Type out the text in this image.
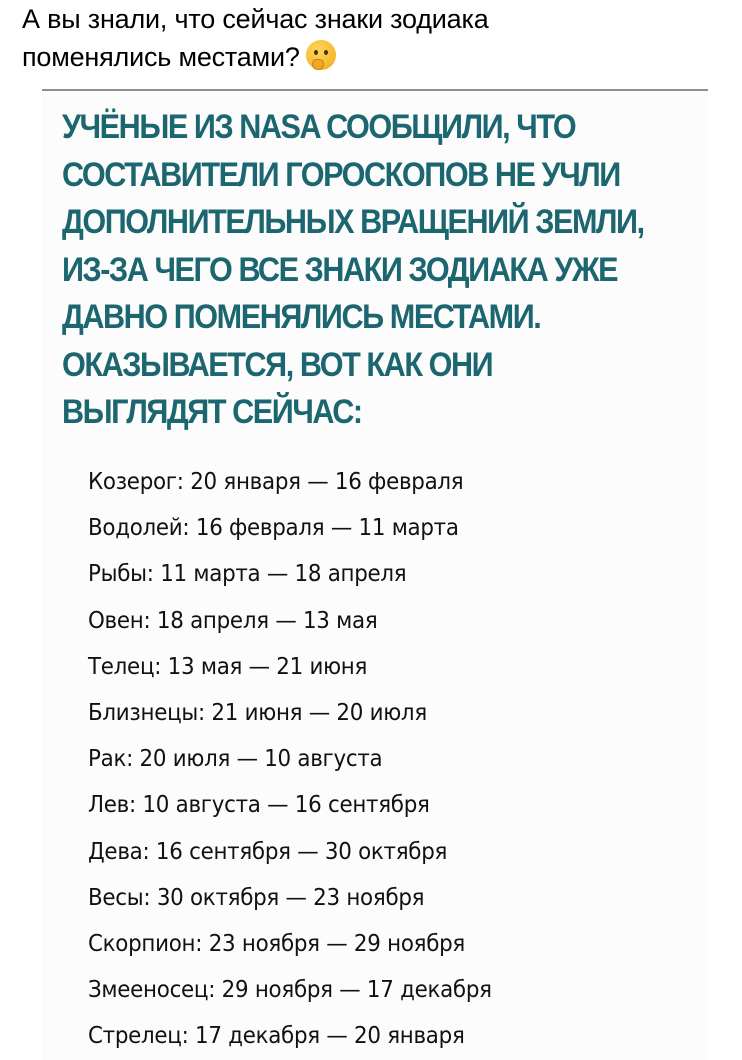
А вы знали, что сейчас знаки зодиака
поменялись местами?
УЧЁНЫЕ ИЗ NASA СООБЩИЛИ, ЧТО
СОСТАВИТЕЛИ ГОРОСКОПОВ НЕ УЧЛИ
ДОПОЛНИТЕЛЬНЫХ ВРАЩЕНИЙ ЗЕМЛИ,
ИЗ-ЗА ЧЕГО ВСЕ ЗНАКИ ЗОДИАКА УЖЕ
ДАВНО ПОМЕНЯЛИСЬ МЕСТАМИ.
ОКАЗЫВАЕТСЯ, ВОТ КАК ОНИ
ВЫГЛЯДЯТ СЕЙЧАС:
Козерог: 20 января — 16 февраля
Водолей: 16 февраля — 11 марта
Рыбы: 11 марта — 18 апреля
Овен: 18 апреля — 13 мая
Телец: 13 мая — 21 июня
Близнецы: 21 июня — 20 июля
Рак: 20 июля — 10 августа
Лев: 10 августа — 16 сентября
Дева: 16 сентября — 30 октября
Весы: 30 октября — 23 ноября
Скорпион: 23 ноября — 29 ноября
Змееносец: 29 ноября — 17 декабря
Стрелец: 17 декабря — 20 января
